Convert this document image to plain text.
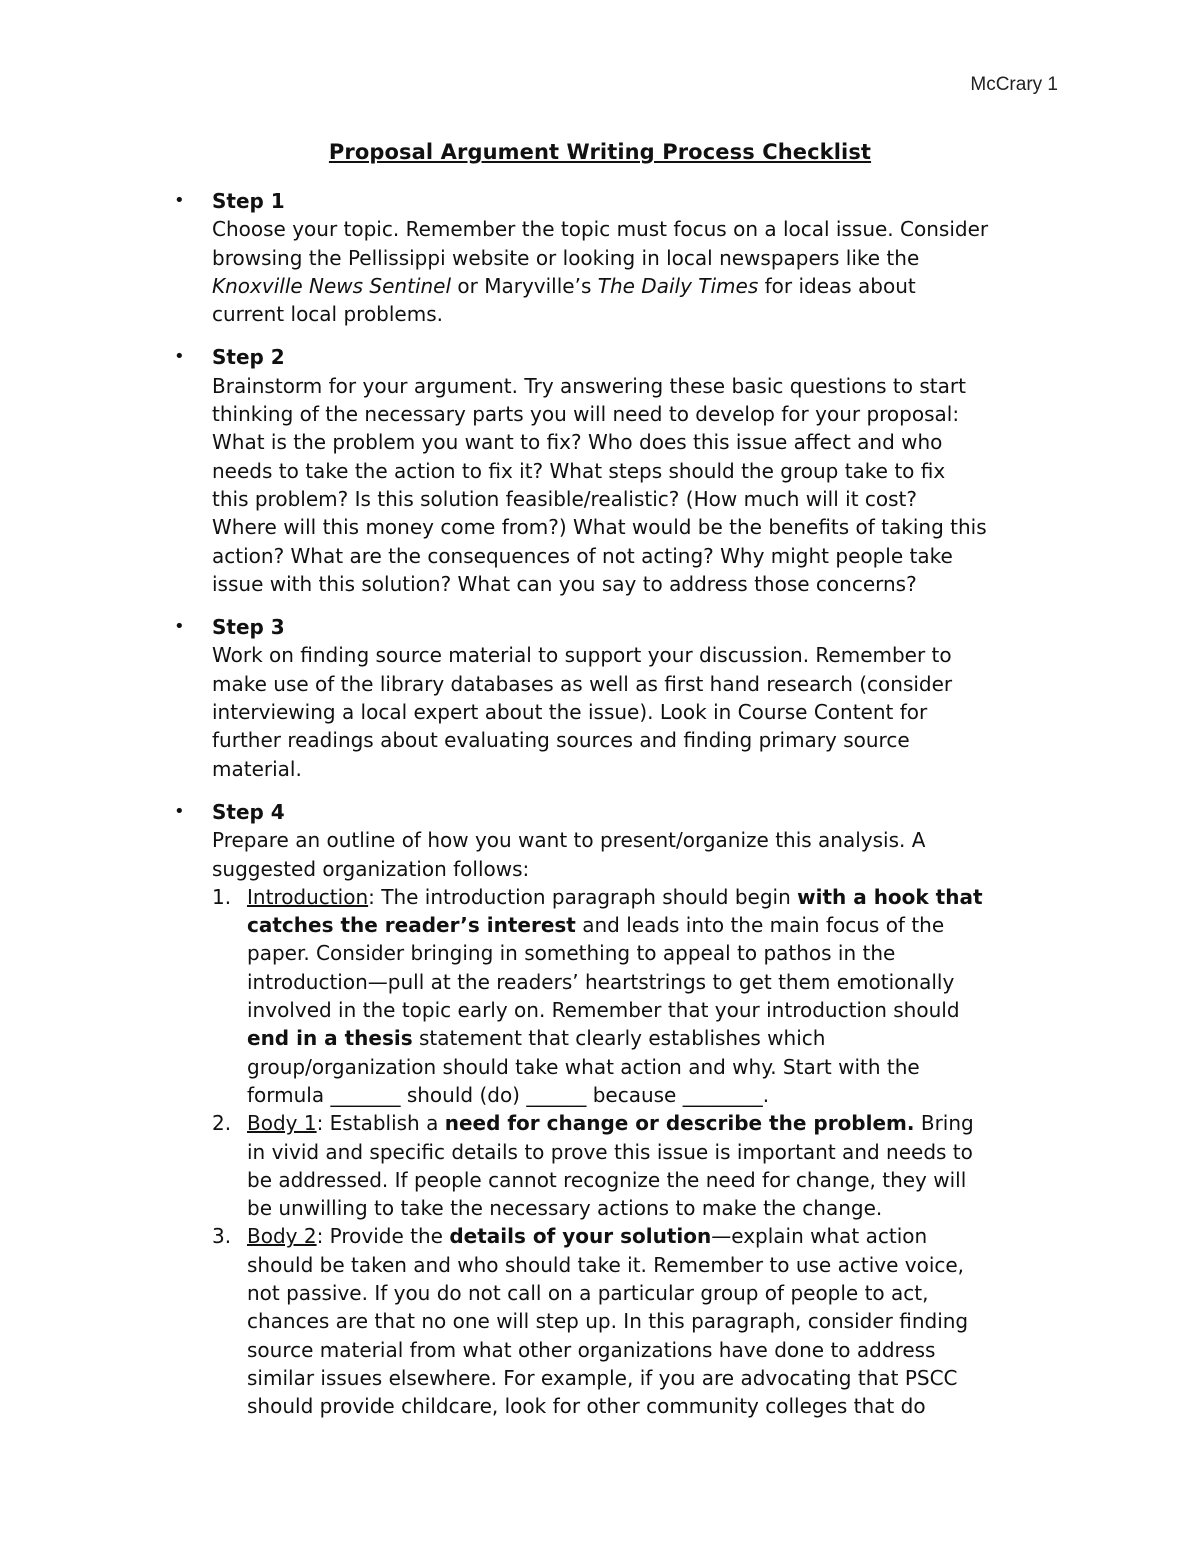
McCrary 1
Proposal Argument Writing Process Checklist
• Step 1
Choose your topic. Remember the topic must focus on a local issue. Consider
browsing the Pellissippi website or looking in local newspapers like the
Knoxville News Sentinel or Maryville’s The Daily Times for ideas about
current local problems.
• Step 2
Brainstorm for your argument. Try answering these basic questions to start
thinking of the necessary parts you will need to develop for your proposal:
What is the problem you want to fix? Who does this issue affect and who
needs to take the action to fix it? What steps should the group take to fix
this problem? Is this solution feasible/realistic? (How much will it cost?
Where will this money come from?) What would be the benefits of taking this
action? What are the consequences of not acting? Why might people take
issue with this solution? What can you say to address those concerns?
• Step 3
Work on finding source material to support your discussion. Remember to
make use of the library databases as well as first hand research (consider
interviewing a local expert about the issue). Look in Course Content for
further readings about evaluating sources and finding primary source
material.
• Step 4
Prepare an outline of how you want to present/organize this analysis. A
suggested organization follows:
1. Introduction: The introduction paragraph should begin with a hook that
catches the reader’s interest and leads into the main focus of the
paper. Consider bringing in something to appeal to pathos in the
introduction—pull at the readers’ heartstrings to get them emotionally
involved in the topic early on. Remember that your introduction should
end in a thesis statement that clearly establishes which
group/organization should take what action and why. Start with the
formula _______ should (do) ______ because ________.
2. Body 1: Establish a need for change or describe the problem. Bring
in vivid and specific details to prove this issue is important and needs to
be addressed. If people cannot recognize the need for change, they will
be unwilling to take the necessary actions to make the change.
3. Body 2: Provide the details of your solution—explain what action
should be taken and who should take it. Remember to use active voice,
not passive. If you do not call on a particular group of people to act,
chances are that no one will step up. In this paragraph, consider finding
source material from what other organizations have done to address
similar issues elsewhere. For example, if you are advocating that PSCC
should provide childcare, look for other community colleges that do
